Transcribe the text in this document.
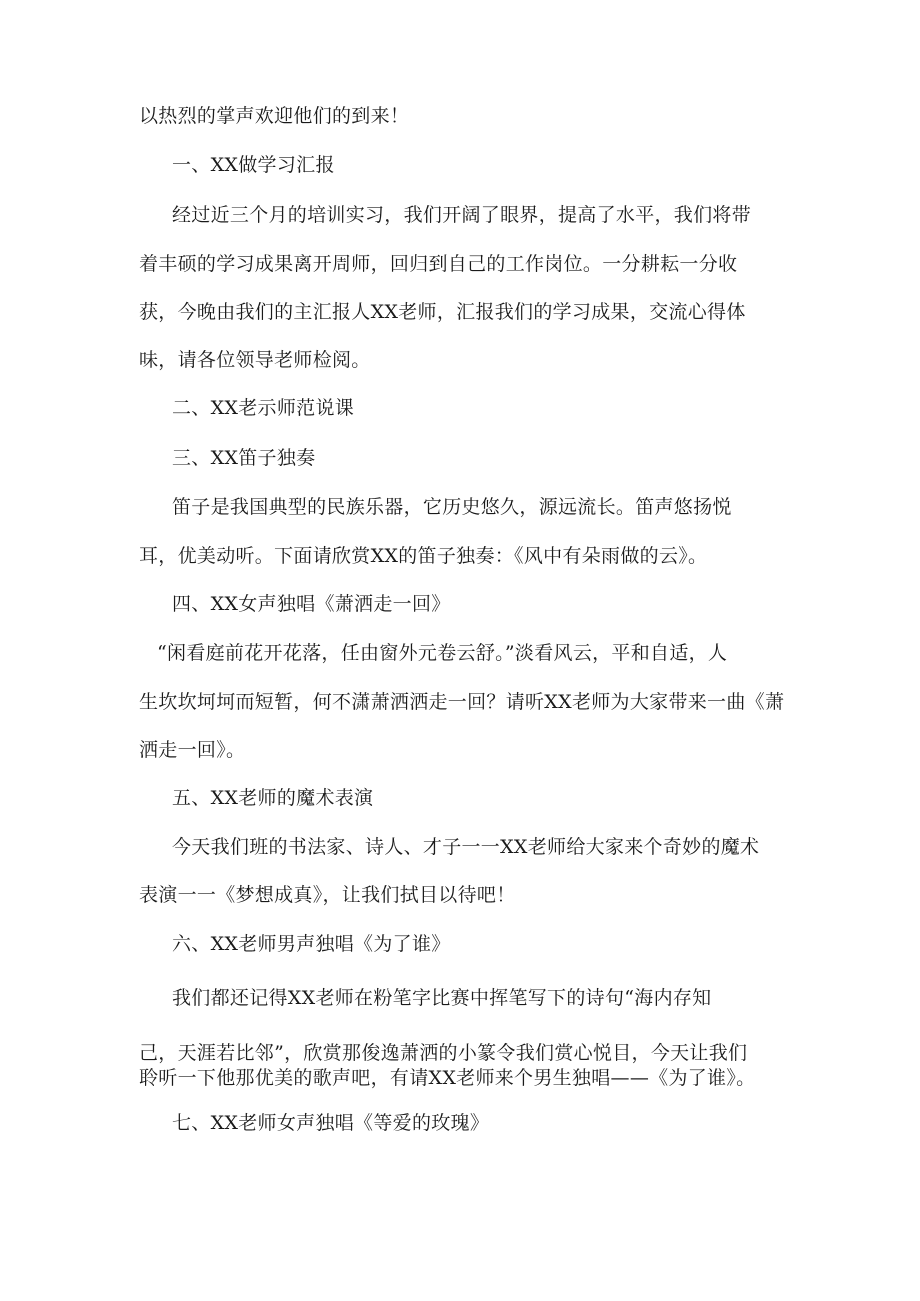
以热烈的掌声欢迎他们的到来！
一、XX做学习汇报
经过近三个月的培训实习，我们开阔了眼界，提高了水平，我们将带
着丰硕的学习成果离开周师，回归到自己的工作岗位。一分耕耘一分收
获，今晚由我们的主汇报人XX老师，汇报我们的学习成果，交流心得体
味，请各位领导老师检阅。
二、XX老示师范说课
三、XX笛子独奏
笛子是我国典型的民族乐器，它历史悠久，源远流长。笛声悠扬悦
耳，优美动听。下面请欣赏XX的笛子独奏：《风中有朵雨做的云》。
四、XX女声独唱《萧洒走一回》
“闲看庭前花开花落，任由窗外元卷云舒。”淡看风云，平和自适，人
生坎坎坷坷而短暂，何不潇萧洒洒走一回？请听XX老师为大家带来一曲《萧
洒走一回》。
五、XX老师的魔术表演
今天我们班的书法家、诗人、才子一一XX老师给大家来个奇妙的魔术
表演一一《梦想成真》，让我们拭目以待吧！
六、XX老师男声独唱《为了谁》
我们都还记得XX老师在粉笔字比赛中挥笔写下的诗句“海内存知
己，天涯若比邻”，欣赏那俊逸萧洒的小篆令我们赏心悦目，今天让我们
聆听一下他那优美的歌声吧，有请XX老师来个男生独唱——《为了谁》。
七、XX老师女声独唱《等爱的玫瑰》
